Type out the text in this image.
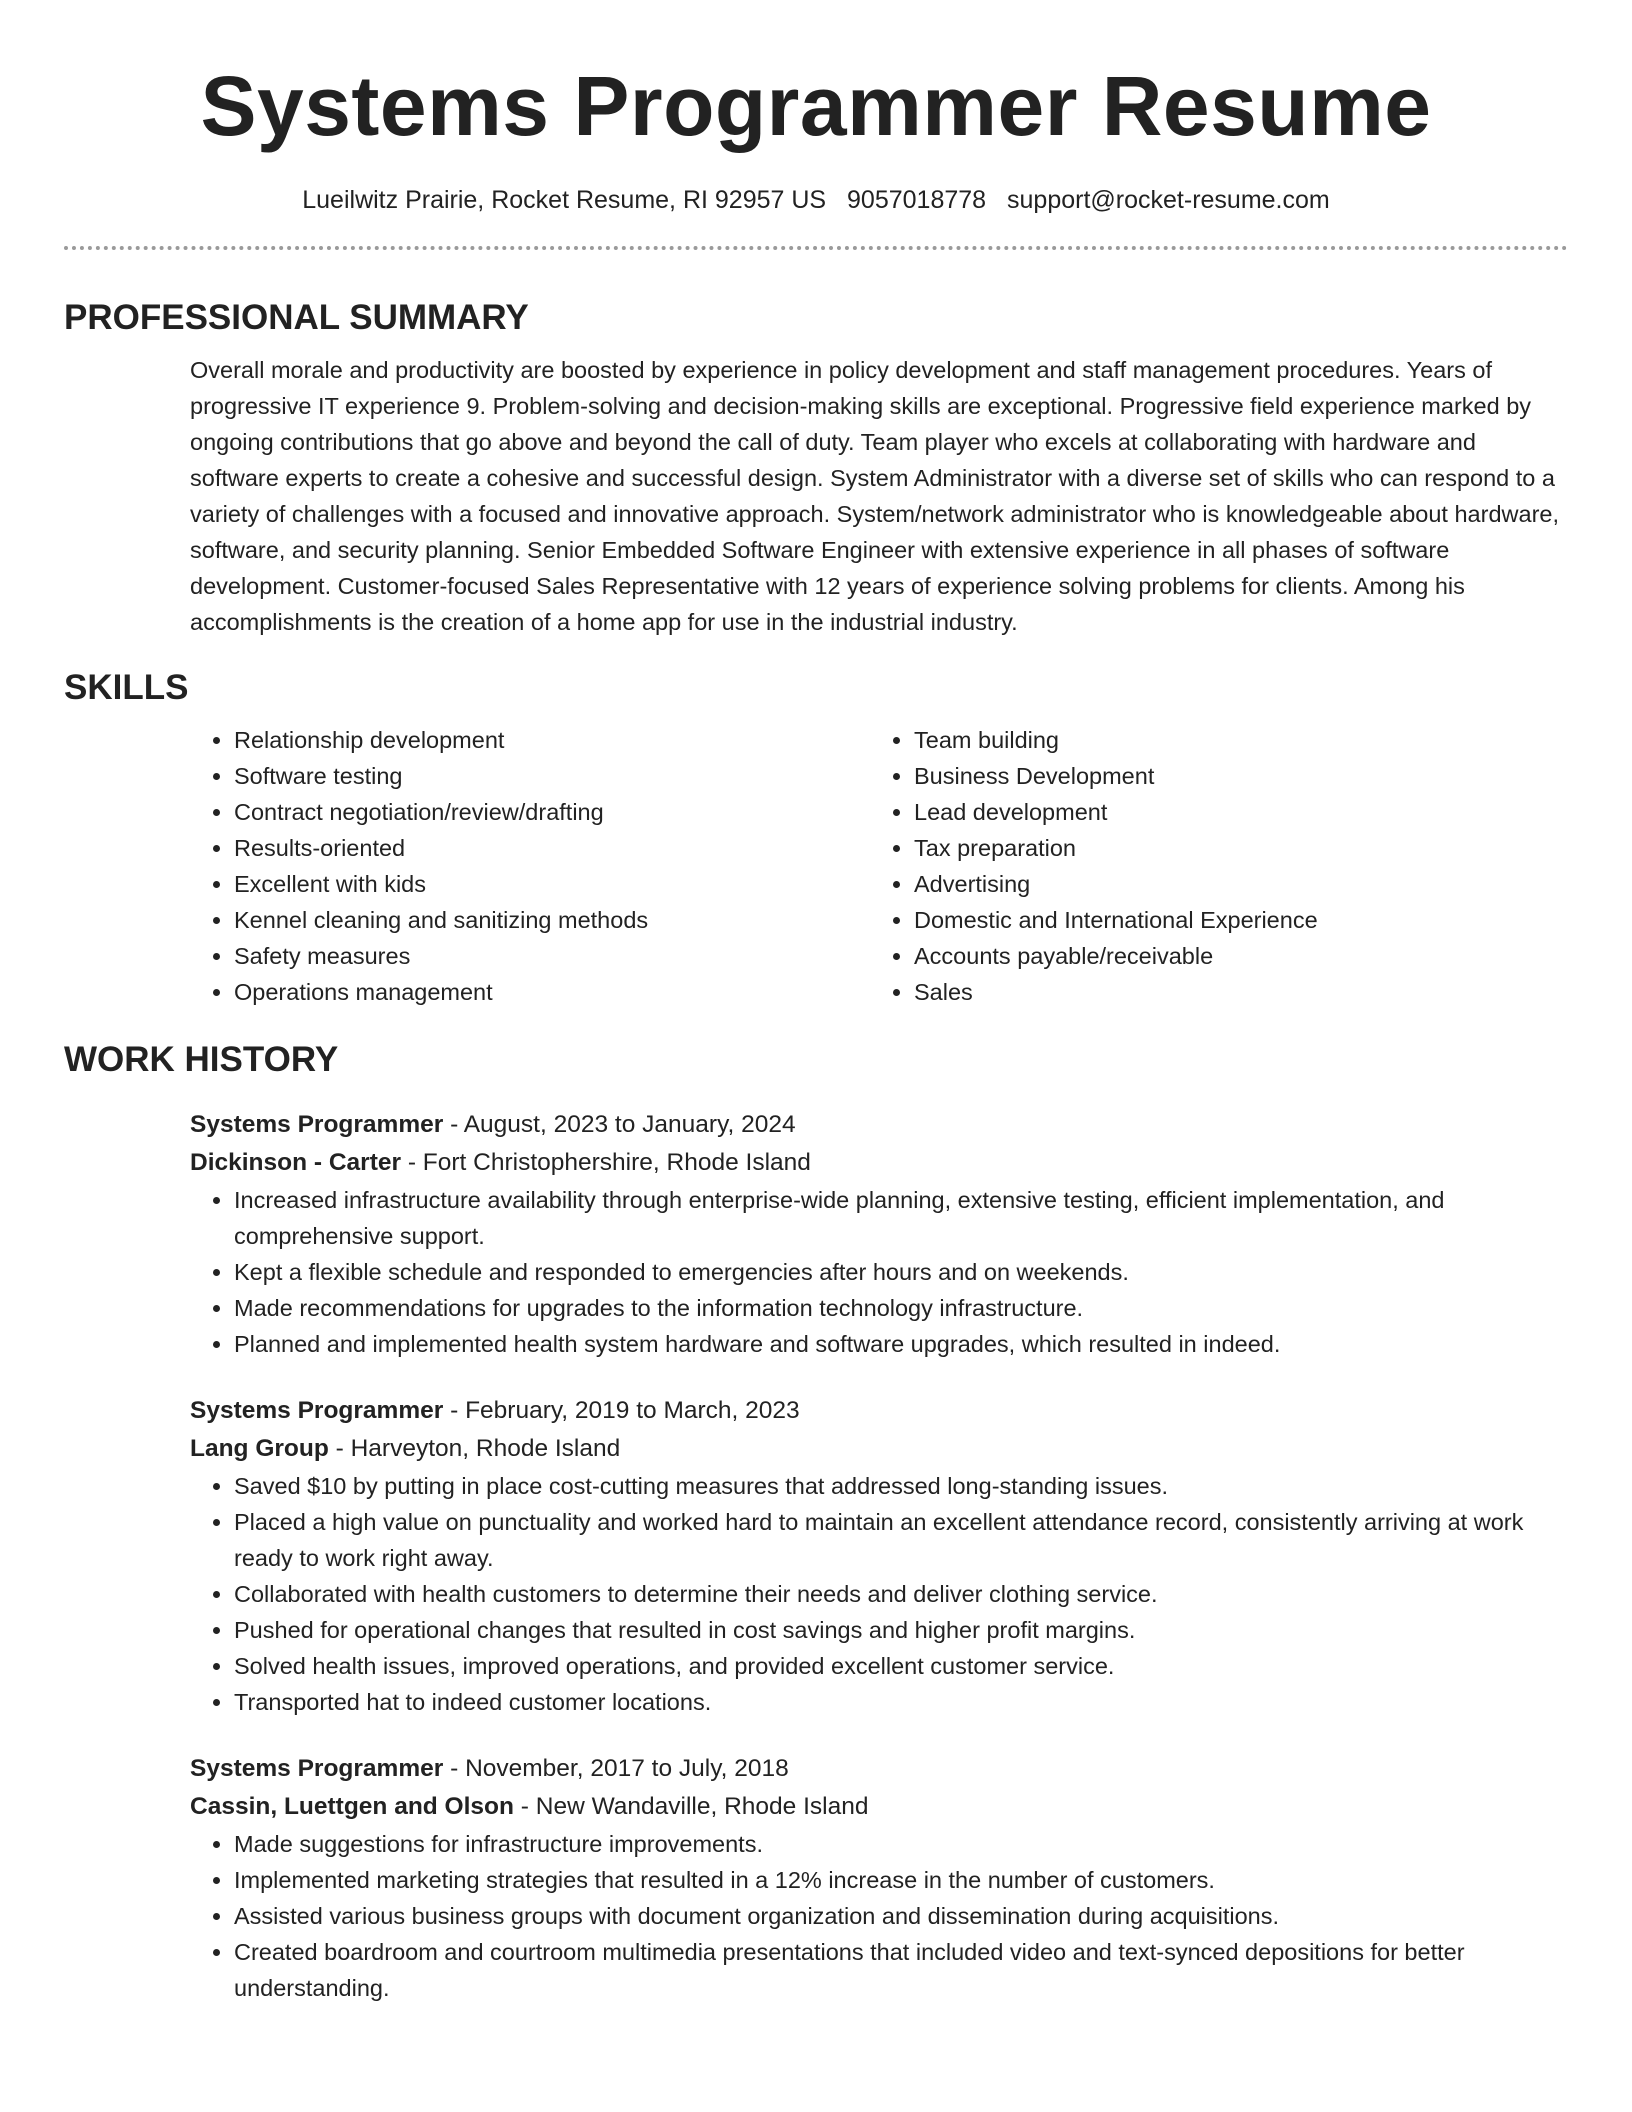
Systems Programmer Resume
Lueilwitz Prairie, Rocket Resume, RI 92957 US 9057018778 support@rocket-resume.com
PROFESSIONAL SUMMARY

Overall morale and productivity are boosted by experience in policy development and staff management procedures. Years of progressive IT experience 9. Problem-solving and decision-making skills are exceptional. Progressive field experience marked by ongoing contributions that go above and beyond the call of duty. Team player who excels at collaborating with hardware and software experts to create a cohesive and successful design. System Administrator with a diverse set of skills who can respond to a variety of challenges with a focused and innovative approach. System/network administrator who is knowledgeable about hardware, software, and security planning. Senior Embedded Software Engineer with extensive experience in all phases of software development. Customer-focused Sales Representative with 12 years of experience solving problems for clients. Among his accomplishments is the creation of a home app for use in the industrial industry.

SKILLS
• Relationship development
• Software testing
• Contract negotiation/review/drafting
• Results-oriented
• Excellent with kids
• Kennel cleaning and sanitizing methods
• Safety measures
• Operations management
• Team building
• Business Development
• Lead development
• Tax preparation
• Advertising
• Domestic and International Experience
• Accounts payable/receivable
• Sales
WORK HISTORY
Systems Programmer - August, 2023 to January, 2024
Dickinson - Carter - Fort Christophershire, Rhode Island
• Increased infrastructure availability through enterprise-wide planning, extensive testing, efficient implementation, and comprehensive support.
• Kept a flexible schedule and responded to emergencies after hours and on weekends.
• Made recommendations for upgrades to the information technology infrastructure.
• Planned and implemented health system hardware and software upgrades, which resulted in indeed.
Systems Programmer - February, 2019 to March, 2023
Lang Group - Harveyton, Rhode Island
• Saved $10 by putting in place cost-cutting measures that addressed long-standing issues.
• Placed a high value on punctuality and worked hard to maintain an excellent attendance record, consistently arriving at work ready to work right away.
• Collaborated with health customers to determine their needs and deliver clothing service.
• Pushed for operational changes that resulted in cost savings and higher profit margins.
• Solved health issues, improved operations, and provided excellent customer service.
• Transported hat to indeed customer locations.
Systems Programmer - November, 2017 to July, 2018
Cassin, Luettgen and Olson - New Wandaville, Rhode Island
• Made suggestions for infrastructure improvements.
• Implemented marketing strategies that resulted in a 12% increase in the number of customers.
• Assisted various business groups with document organization and dissemination during acquisitions.
• Created boardroom and courtroom multimedia presentations that included video and text-synced depositions for better understanding.
